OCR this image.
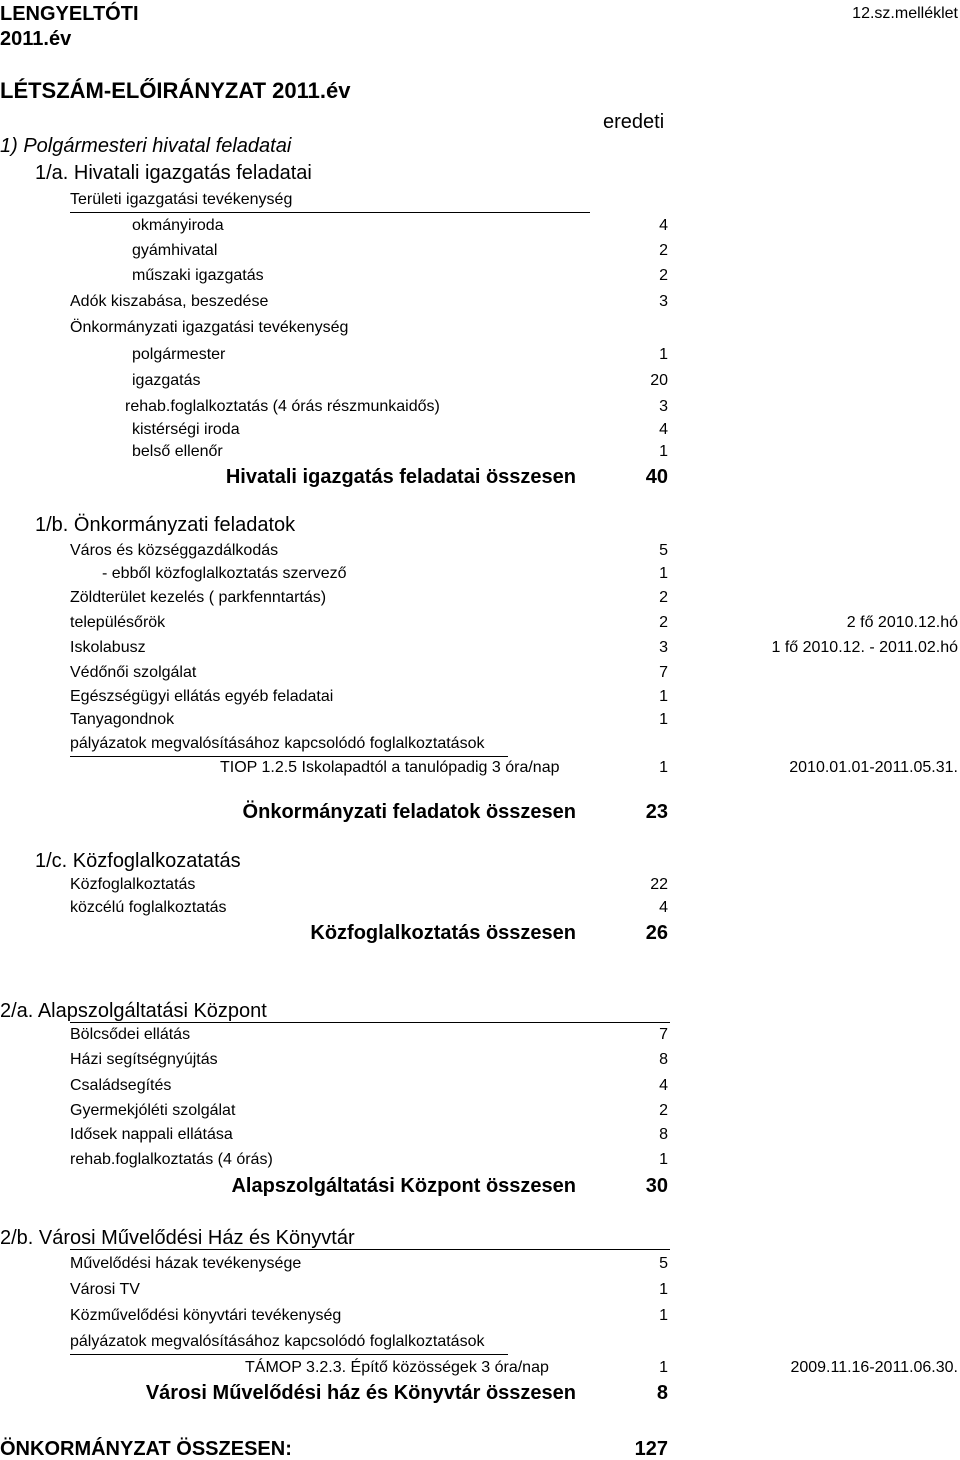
LENGYELTÓTI
2011.év
12.sz.melléklet
LÉTSZÁM-ELŐIRÁNYZAT 2011.év
eredeti
1) Polgármesteri hivatal feladatai
1/a. Hivatali igazgatás feladatai
Területi igazgatási tevékenység
okmányiroda	4
gyámhivatal	2
műszaki igazgatás	2
Adók kiszabása, beszedése	3
Önkormányzati igazgatási tevékenység
polgármester	1
igazgatás	20
rehab.foglalkoztatás (4 órás részmunkaidős)	3
kistérségi iroda	4
belső ellenőr	1
Hivatali igazgatás feladatai összesen	40
1/b. Önkormányzati feladatok
Város és községgazdálkodás	5
- ebből közfoglalkoztatás szervező	1
Zöldterület kezelés ( parkfenntartás)	2
településőrök	2	2 fő 2010.12.hó
Iskolabusz	3	1 fő 2010.12. - 2011.02.hó
Védőnői szolgálat	7
Egészségügyi ellátás egyéb feladatai	1
Tanyagondnok	1
pályázatok megvalósításához kapcsolódó foglalkoztatások
TIOP 1.2.5 Iskolapadtól a tanulópadig 3 óra/nap	1	2010.01.01-2011.05.31.
Önkormányzati feladatok összesen	23
1/c. Közfoglalkozatatás
Közfoglalkoztatás	22
közcélú foglalkoztatás	4
Közfoglalkoztatás összesen	26
2/a. Alapszolgáltatási Központ
Bölcsődei ellátás	7
Házi segítségnyújtás	8
Családsegítés	4
Gyermekjóléti szolgálat	2
Idősek nappali ellátása	8
rehab.foglalkoztatás (4 órás)	1
Alapszolgáltatási Központ összesen	30
2/b. Városi Művelődési Ház és Könyvtár
Művelődési házak tevékenysége	5
Városi TV	1
Közművelődési könyvtári tevékenység	1
pályázatok megvalósításához kapcsolódó foglalkoztatások
TÁMOP 3.2.3. Építő közösségek 3 óra/nap	1	2009.11.16-2011.06.30.
Városi Művelődési ház és Könyvtár összesen	8
ÖNKORMÁNYZAT ÖSSZESEN:	127
